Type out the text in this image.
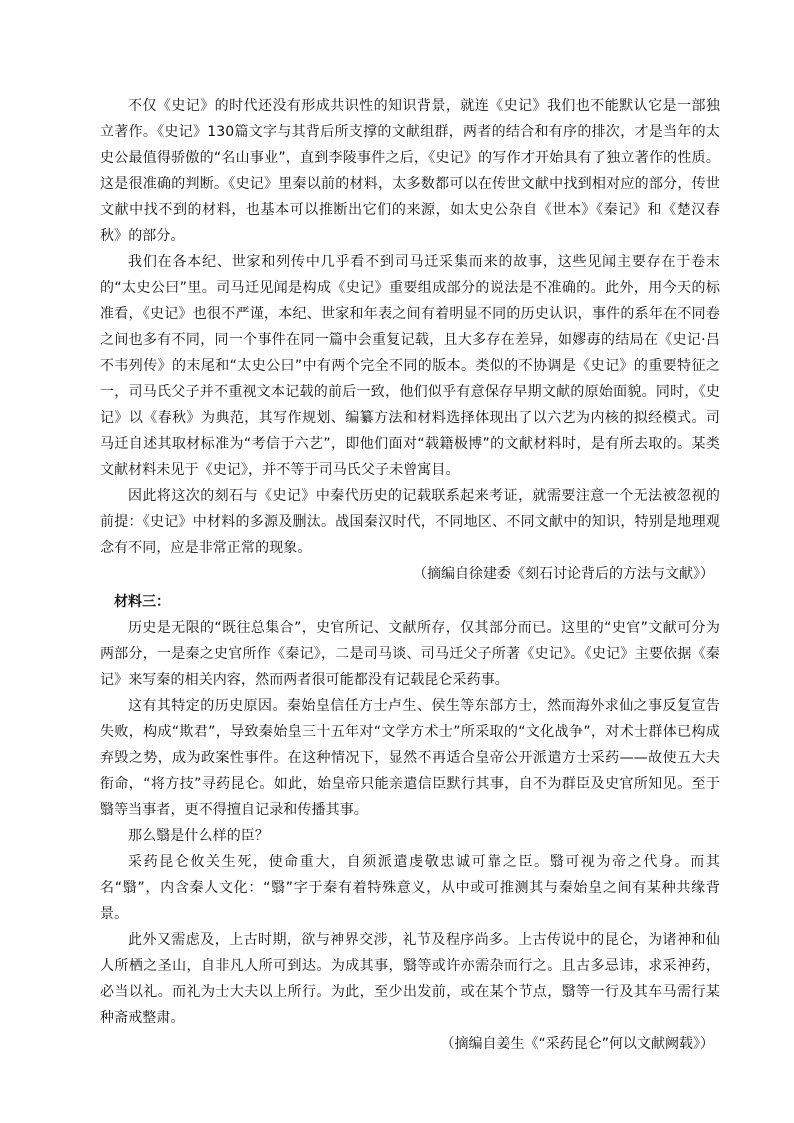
不仅《史记》的时代还没有形成共识性的知识背景，就连《史记》我们也不能默认它是一部独立著作。《史记》130篇文字与其背后所支撑的文献组群，两者的结合和有序的排次，才是当年的太史公最值得骄傲的“名山事业”，直到李陵事件之后，《史记》的写作才开始具有了独立著作的性质。这是很准确的判断。《史记》里秦以前的材料，太多数都可以在传世文献中找到相对应的部分，传世文献中找不到的材料，也基本可以推断出它们的来源，如太史公杂自《世本》《秦记》和《楚汉春秋》的部分。

我们在各本纪、世家和列传中几乎看不到司马迁采集而来的故事，这些见闻主要存在于卷末的“太史公曰”里。司马迁见闻是构成《史记》重要组成部分的说法是不准确的。此外，用今天的标准看，《史记》也很不严谨，本纪、世家和年表之间有着明显不同的历史认识，事件的系年在不同卷之间也多有不同，同一个事件在同一篇中会重复记载，且大多存在差异，如嫪毐的结局在《史记·吕不韦列传》的末尾和“太史公曰”中有两个完全不同的版本。类似的不协调是《史记》的重要特征之一，司马氏父子并不重视文本记载的前后一致，他们似乎有意保存早期文献的原始面貌。同时，《史记》以《春秋》为典范，其写作规划、编纂方法和材料选择体现出了以六艺为内核的拟经模式。司马迁自述其取材标准为“考信于六艺”，即他们面对“载籍极博”的文献材料时，是有所去取的。某类文献材料未见于《史记》，并不等于司马氏父子未曾寓目。

因此将这次的刻石与《史记》中秦代历史的记载联系起来考证，就需要注意一个无法被忽视的前提：《史记》中材料的多源及删汰。战国秦汉时代，不同地区、不同文献中的知识，特别是地理观念有不同，应是非常正常的现象。

（摘编自徐建委《刻石讨论背后的方法与文献》）

材料三：

历史是无限的“既往总集合”，史官所记、文献所存，仅其部分而已。这里的“史官”文献可分为两部分，一是秦之史官所作《秦记》，二是司马谈、司马迁父子所著《史记》。《史记》主要依据《秦记》来写秦的相关内容，然而两者很可能都没有记载昆仑采药事。

这有其特定的历史原因。秦始皇信任方士卢生、侯生等东部方士，然而海外求仙之事反复宣告失败，构成“欺君”，导致秦始皇三十五年对“文学方术士”所采取的“文化战争”，对术士群体已构成弃毁之势，成为政案性事件。在这种情况下，显然不再适合皇帝公开派遣方士采药——故使五大夫衔命，“将方技”寻药昆仑。如此，始皇帝只能亲遣信臣默行其事，自不为群臣及史官所知见。至于翳等当事者，更不得擅自记录和传播其事。

那么翳是什么样的臣？

采药昆仑攸关生死，使命重大，自须派遣虔敬忠诚可靠之臣。翳可视为帝之代身。而其名“翳”，内含秦人文化：“翳”字于秦有着特殊意义，从中或可推测其与秦始皇之间有某种共缘背景。

此外又需虑及，上古时期，欲与神界交涉，礼节及程序尚多。上古传说中的昆仑，为诸神和仙人所栖之圣山，自非凡人所可到达。为成其事，翳等或许亦需杂而行之。且古多忌讳，求采神药，必当以礼。而礼为士大夫以上所行。为此，至少出发前，或在某个节点，翳等一行及其车马需行某种斋戒整肃。

（摘编自姜生《“采药昆仑”何以文献阙载》）
